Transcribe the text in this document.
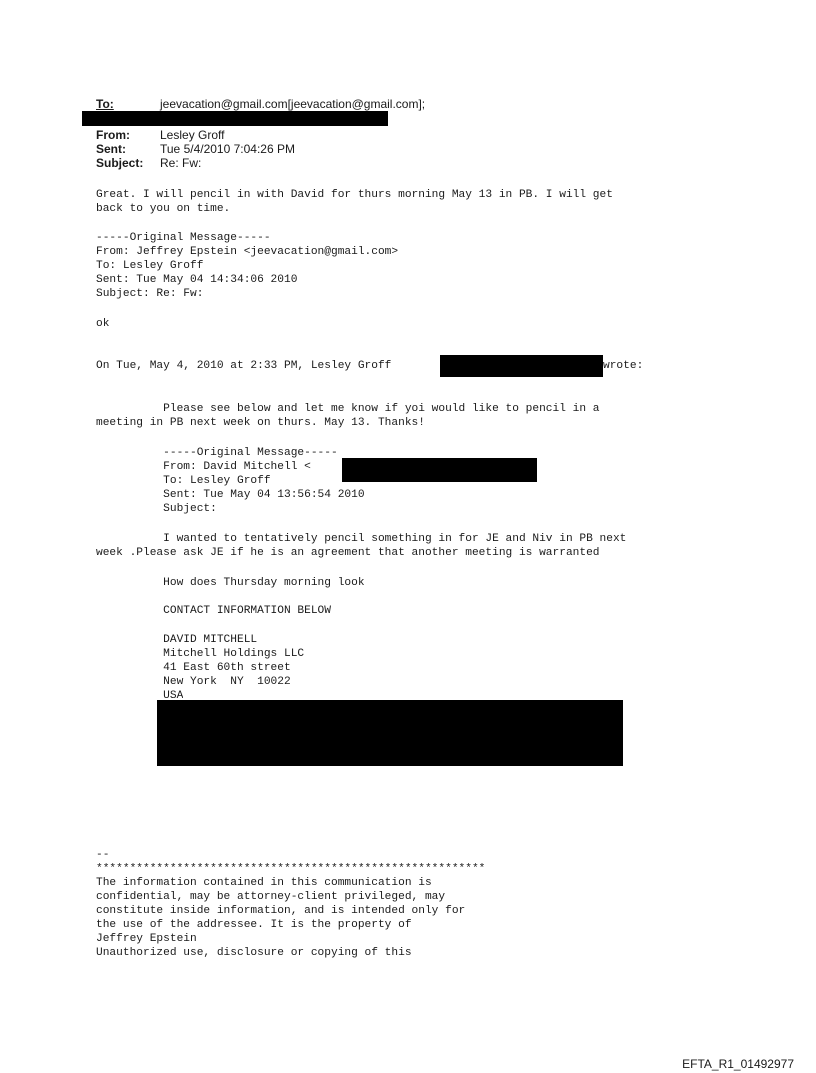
To:	jeevacation@gmail.com[jeevacation@gmail.com];
From:	Lesley Groff
Sent:	Tue 5/4/2010 7:04:26 PM
Subject: Re: Fw:
Great. I will pencil in with David for thurs morning May 13 in PB. I will get
back to you on time.
-----Original Message-----
From: Jeffrey Epstein <jeevacation@gmail.com>
To: Lesley Groff
Sent: Tue May 04 14:34:06 2010
Subject: Re: Fw:
ok
On Tue, May 4, 2010 at 2:33 PM, Lesley Groff	wrote:
Please see below and let me know if yoi would like to pencil in a
meeting in PB next week on thurs. May 13. Thanks!
-----Original Message-----
From: David Mitchell <
To: Lesley Groff
Sent: Tue May 04 13:56:54 2010
Subject:
I wanted to tentatively pencil something in for JE and Niv in PB next
week .Please ask JE if he is an agreement that another meeting is warranted
How does Thursday morning look
CONTACT INFORMATION BELOW
DAVID MITCHELL
Mitchell Holdings LLC
41 East 60th street
New York  NY  10022
USA
--
**********************************************************
The information contained in this communication is
confidential, may be attorney-client privileged, may
constitute inside information, and is intended only for
the use of the addressee. It is the property of
Jeffrey Epstein
Unauthorized use, disclosure or copying of this
EFTA_R1_01492977
